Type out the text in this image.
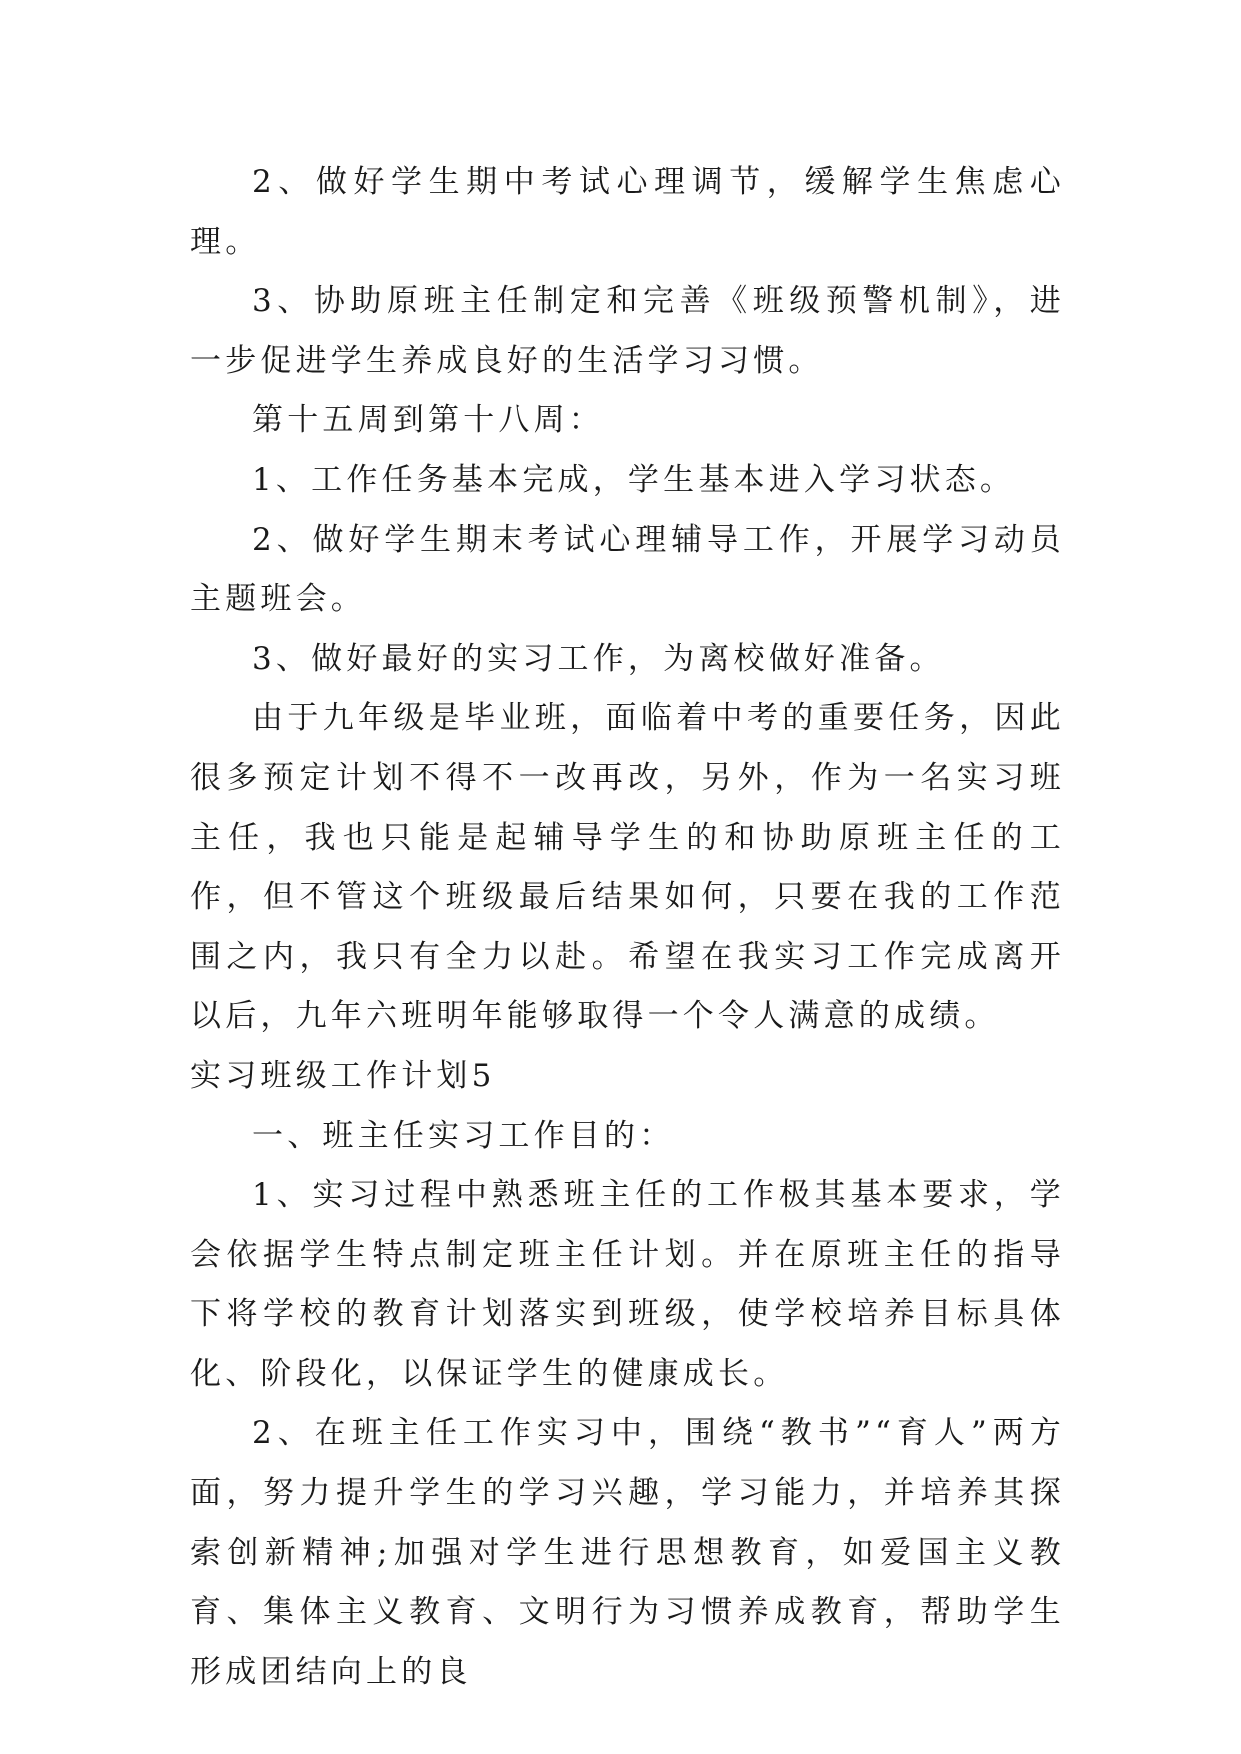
2、做好学生期中考试心理调节，缓解学生焦虑心理。

3、协助原班主任制定和完善《班级预警机制》，进一步促进学生养成良好的生活学习习惯。

第十五周到第十八周：

1、工作任务基本完成，学生基本进入学习状态。

2、做好学生期末考试心理辅导工作，开展学习动员主题班会。

3、做好最好的实习工作，为离校做好准备。

由于九年级是毕业班，面临着中考的重要任务，因此很多预定计划不得不一改再改，另外，作为一名实习班主任，我也只能是起辅导学生的和协助原班主任的工作，但不管这个班级最后结果如何，只要在我的工作范围之内，我只有全力以赴。希望在我实习工作完成离开以后，九年六班明年能够取得一个令人满意的成绩。

实习班级工作计划5

一、班主任实习工作目的：

1、实习过程中熟悉班主任的工作极其基本要求，学会依据学生特点制定班主任计划。并在原班主任的指导下将学校的教育计划落实到班级，使学校培养目标具体化、阶段化，以保证学生的健康成长。

2、在班主任工作实习中，围绕“教书”“育人”两方面，努力提升学生的学习兴趣，学习能力，并培养其探索创新精神;加强对学生进行思想教育，如爱国主义教育、集体主义教育、文明行为习惯养成教育，帮助学生形成团结向上的良
